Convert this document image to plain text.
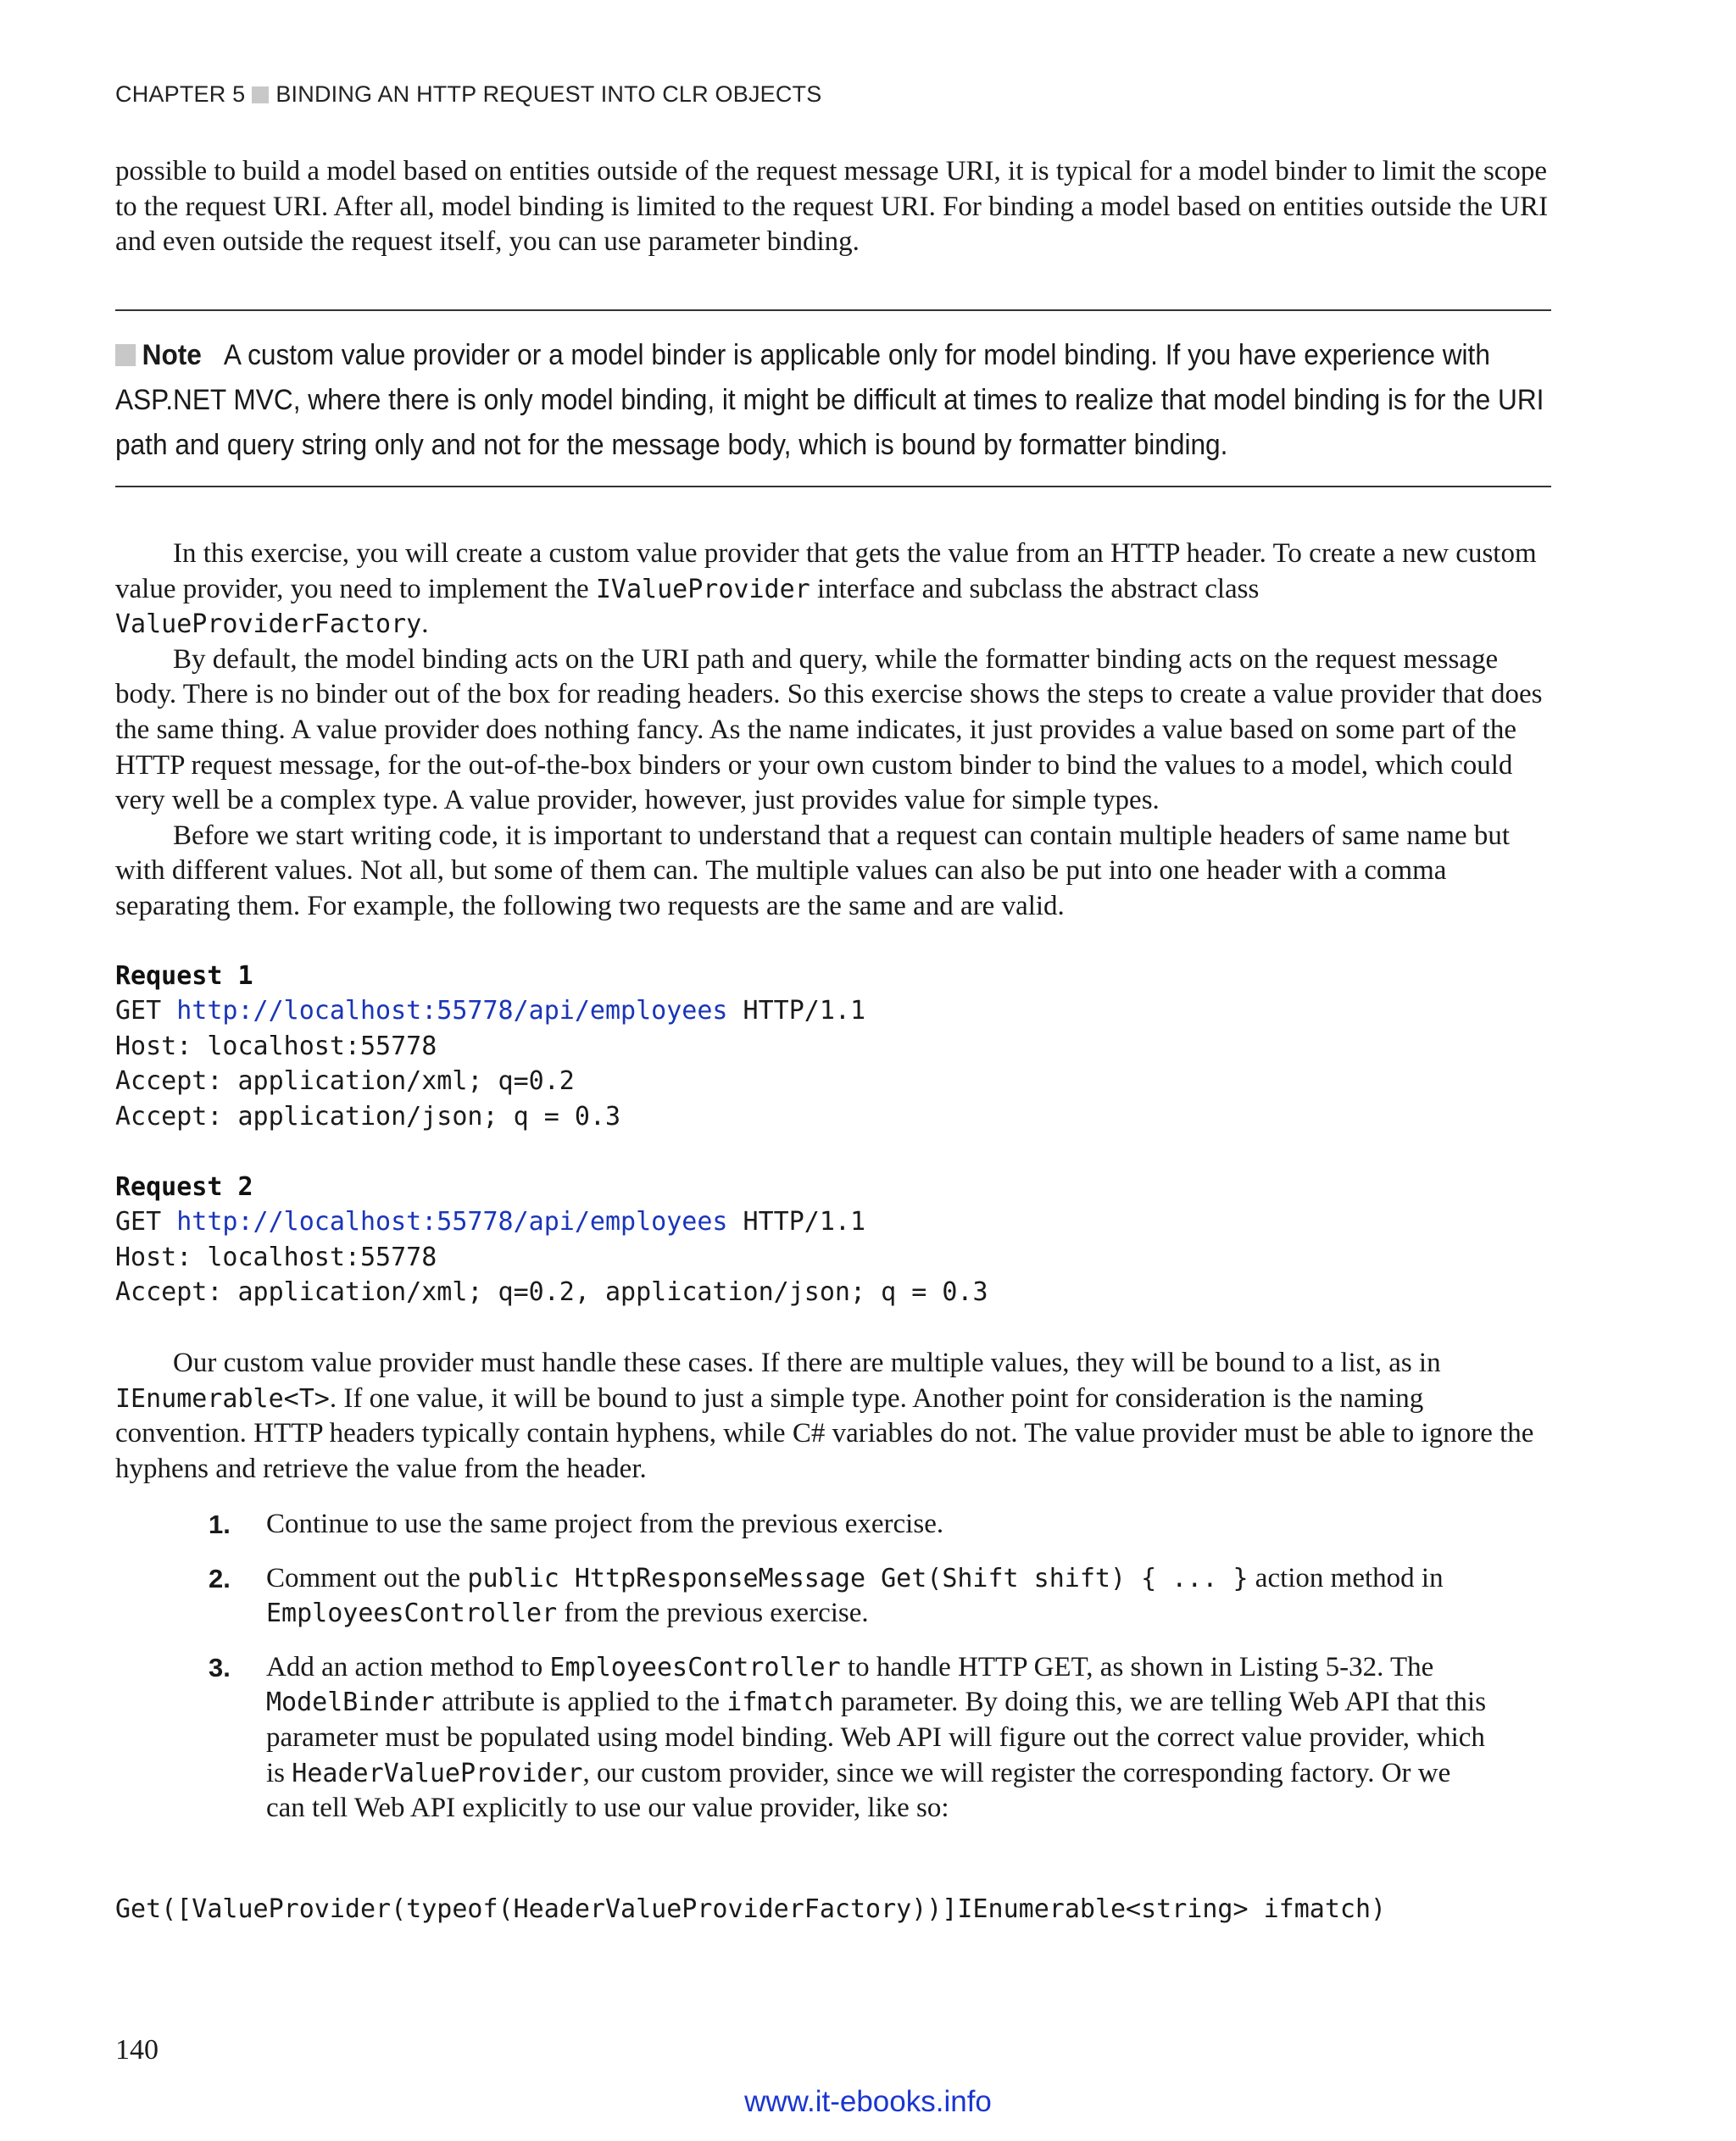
CHAPTER 5 BINDING AN HTTP REQUEST INTO CLR OBJECTS

possible to build a model based on entities outside of the request message URI, it is typical for a model binder to limit the scope to the request URI. After all, model binding is limited to the request URI. For binding a model based on entities outside the URI and even outside the request itself, you can use parameter binding.

Note A custom value provider or a model binder is applicable only for model binding. If you have experience with ASP.NET MVC, where there is only model binding, it might be difficult at times to realize that model binding is for the URI path and query string only and not for the message body, which is bound by formatter binding.

In this exercise, you will create a custom value provider that gets the value from an HTTP header. To create a new custom value provider, you need to implement the IValueProvider interface and subclass the abstract class ValueProviderFactory.

By default, the model binding acts on the URI path and query, while the formatter binding acts on the request message body. There is no binder out of the box for reading headers. So this exercise shows the steps to create a value provider that does the same thing. A value provider does nothing fancy. As the name indicates, it just provides a value based on some part of the HTTP request message, for the out-of-the-box binders or your own custom binder to bind the values to a model, which could very well be a complex type. A value provider, however, just provides value for simple types.

Before we start writing code, it is important to understand that a request can contain multiple headers of same name but with different values. Not all, but some of them can. The multiple values can also be put into one header with a comma separating them. For example, the following two requests are the same and are valid.

Request 1
GET http://localhost:55778/api/employees HTTP/1.1
Host: localhost:55778
Accept: application/xml; q=0.2
Accept: application/json; q = 0.3
Request 2
GET http://localhost:55778/api/employees HTTP/1.1
Host: localhost:55778
Accept: application/xml; q=0.2, application/json; q = 0.3

Our custom value provider must handle these cases. If there are multiple values, they will be bound to a list, as in IEnumerable<T>. If one value, it will be bound to just a simple type. Another point for consideration is the naming convention. HTTP headers typically contain hyphens, while C# variables do not. The value provider must be able to ignore the hyphens and retrieve the value from the header.

1. Continue to use the same project from the previous exercise.
2. Comment out the public HttpResponseMessage Get(Shift shift) { ... } action method in EmployeesController from the previous exercise.
3. Add an action method to EmployeesController to handle HTTP GET, as shown in Listing 5-32. The ModelBinder attribute is applied to the ifmatch parameter. By doing this, we are telling Web API that this parameter must be populated using model binding. Web API will figure out the correct value provider, which is HeaderValueProvider, our custom provider, since we will register the corresponding factory. Or we can tell Web API explicitly to use our value provider, like so:
Get([ValueProvider(typeof(HeaderValueProviderFactory))]IEnumerable<string> ifmatch)
140
www.it-ebooks.info
